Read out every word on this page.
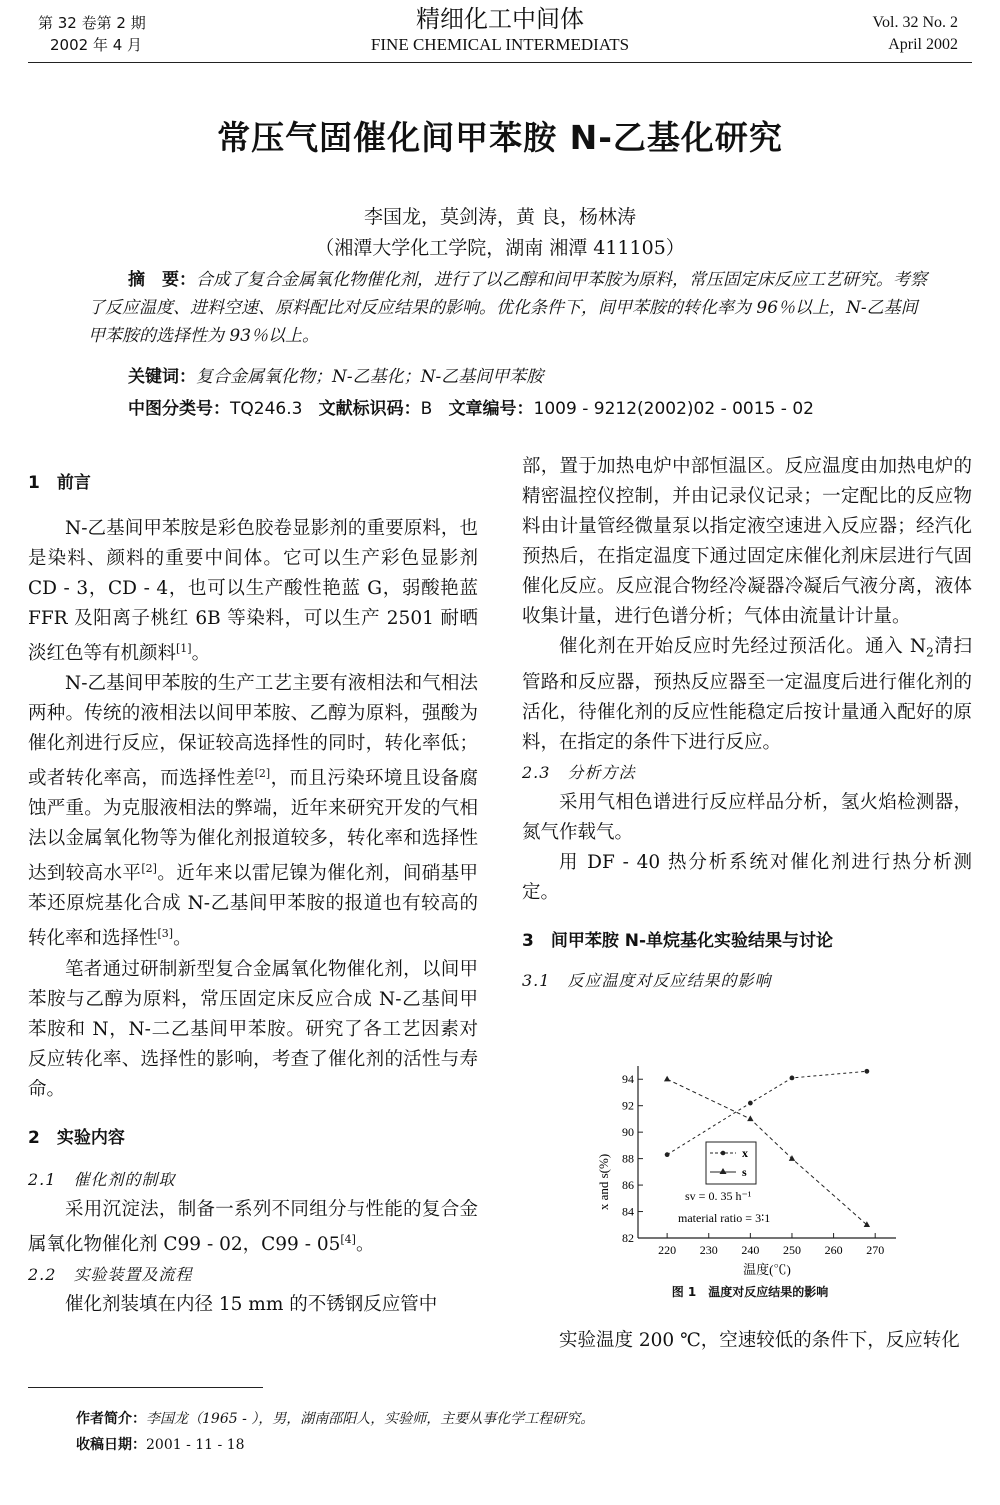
第 32 卷第 2 期
2002 年 4 月
精细化工中间体
FINE CHEMICAL INTERMEDIATS
Vol. 32 No. 2
April 2002
常压气固催化间甲苯胺 N-乙基化研究
李国龙，莫剑涛，黄 良，杨林涛
（湘潭大学化工学院，湖南 湘潭 411105）
摘　要：合成了复合金属氧化物催化剂，进行了以乙醇和间甲苯胺为原料，常压固定床反应工艺研究。考察了反应温度、进料空速、原料配比对反应结果的影响。优化条件下，间甲苯胺的转化率为 96％以上，N-乙基间甲苯胺的选择性为 93％以上。
关键词：复合金属氧化物；N-乙基化；N-乙基间甲苯胺
中图分类号：TQ246.3 文献标识码：B 文章编号：1009 - 9212(2002)02 - 0015 - 02
1　前言

N-乙基间甲苯胺是彩色胶卷显影剂的重要原料，也是染料、颜料的重要中间体。它可以生产彩色显影剂 CD - 3，CD - 4，也可以生产酸性艳蓝 G，弱酸艳蓝 FFR 及阳离子桃红 6B 等染料，可以生产 2501 耐晒淡红色等有机颜料[1]。

N-乙基间甲苯胺的生产工艺主要有液相法和气相法两种。传统的液相法以间甲苯胺、乙醇为原料，强酸为催化剂进行反应，保证较高选择性的同时，转化率低；或者转化率高，而选择性差[2]，而且污染环境且设备腐蚀严重。为克服液相法的弊端，近年来研究开发的气相法以金属氧化物等为催化剂报道较多，转化率和选择性达到较高水平[2]。近年来以雷尼镍为催化剂，间硝基甲苯还原烷基化合成 N-乙基间甲苯胺的报道也有较高的转化率和选择性[3]。

笔者通过研制新型复合金属氧化物催化剂，以间甲苯胺与乙醇为原料，常压固定床反应合成 N-乙基间甲苯胺和 N，N-二乙基间甲苯胺。研究了各工艺因素对反应转化率、选择性的影响，考查了催化剂的活性与寿命。

2　实验内容
2.1　催化剂的制取

采用沉淀法，制备一系列不同组分与性能的复合金属氧化物催化剂 C99 - 02，C99 - 05[4]。

2.2　实验装置及流程

催化剂装填在内径 15 mm 的不锈钢反应管中

部，置于加热电炉中部恒温区。反应温度由加热电炉的精密温控仪控制，并由记录仪记录；一定配比的反应物料由计量管经微量泵以指定液空速进入反应器；经汽化预热后，在指定温度下通过固定床催化剂床层进行气固催化反应。反应混合物经冷凝器冷凝后气液分离，液体收集计量，进行色谱分析；气体由流量计计量。

催化剂在开始反应时先经过预活化。通入 $N_2$清扫管路和反应器，预热反应器至一定温度后进行催化剂的活化，待催化剂的反应性能稳定后按计量通入配好的原料，在指定的条件下进行反应。

2.3　分析方法

采用气相色谱进行反应样品分析，氢火焰检测器，氮气作载气。

用 DF - 40 热分析系统对催化剂进行热分析测定。

3　间甲苯胺 N-单烷基化实验结果与讨论
3.1　反应温度对反应结果的影响
82
84
86
88
90
92
94
220 230 240 250 260 270
x and s(%)
温度(℃)
x
s
sv = 0. 35 h⁻¹
material ratio = 3∶1
图 1　温度对反应结果的影响

实验温度 200 ℃，空速较低的条件下，反应转化

作者简介：李国龙（1965 - ），男，湖南邵阳人，实验师，主要从事化学工程研究。
收稿日期：2001 - 11 - 18
